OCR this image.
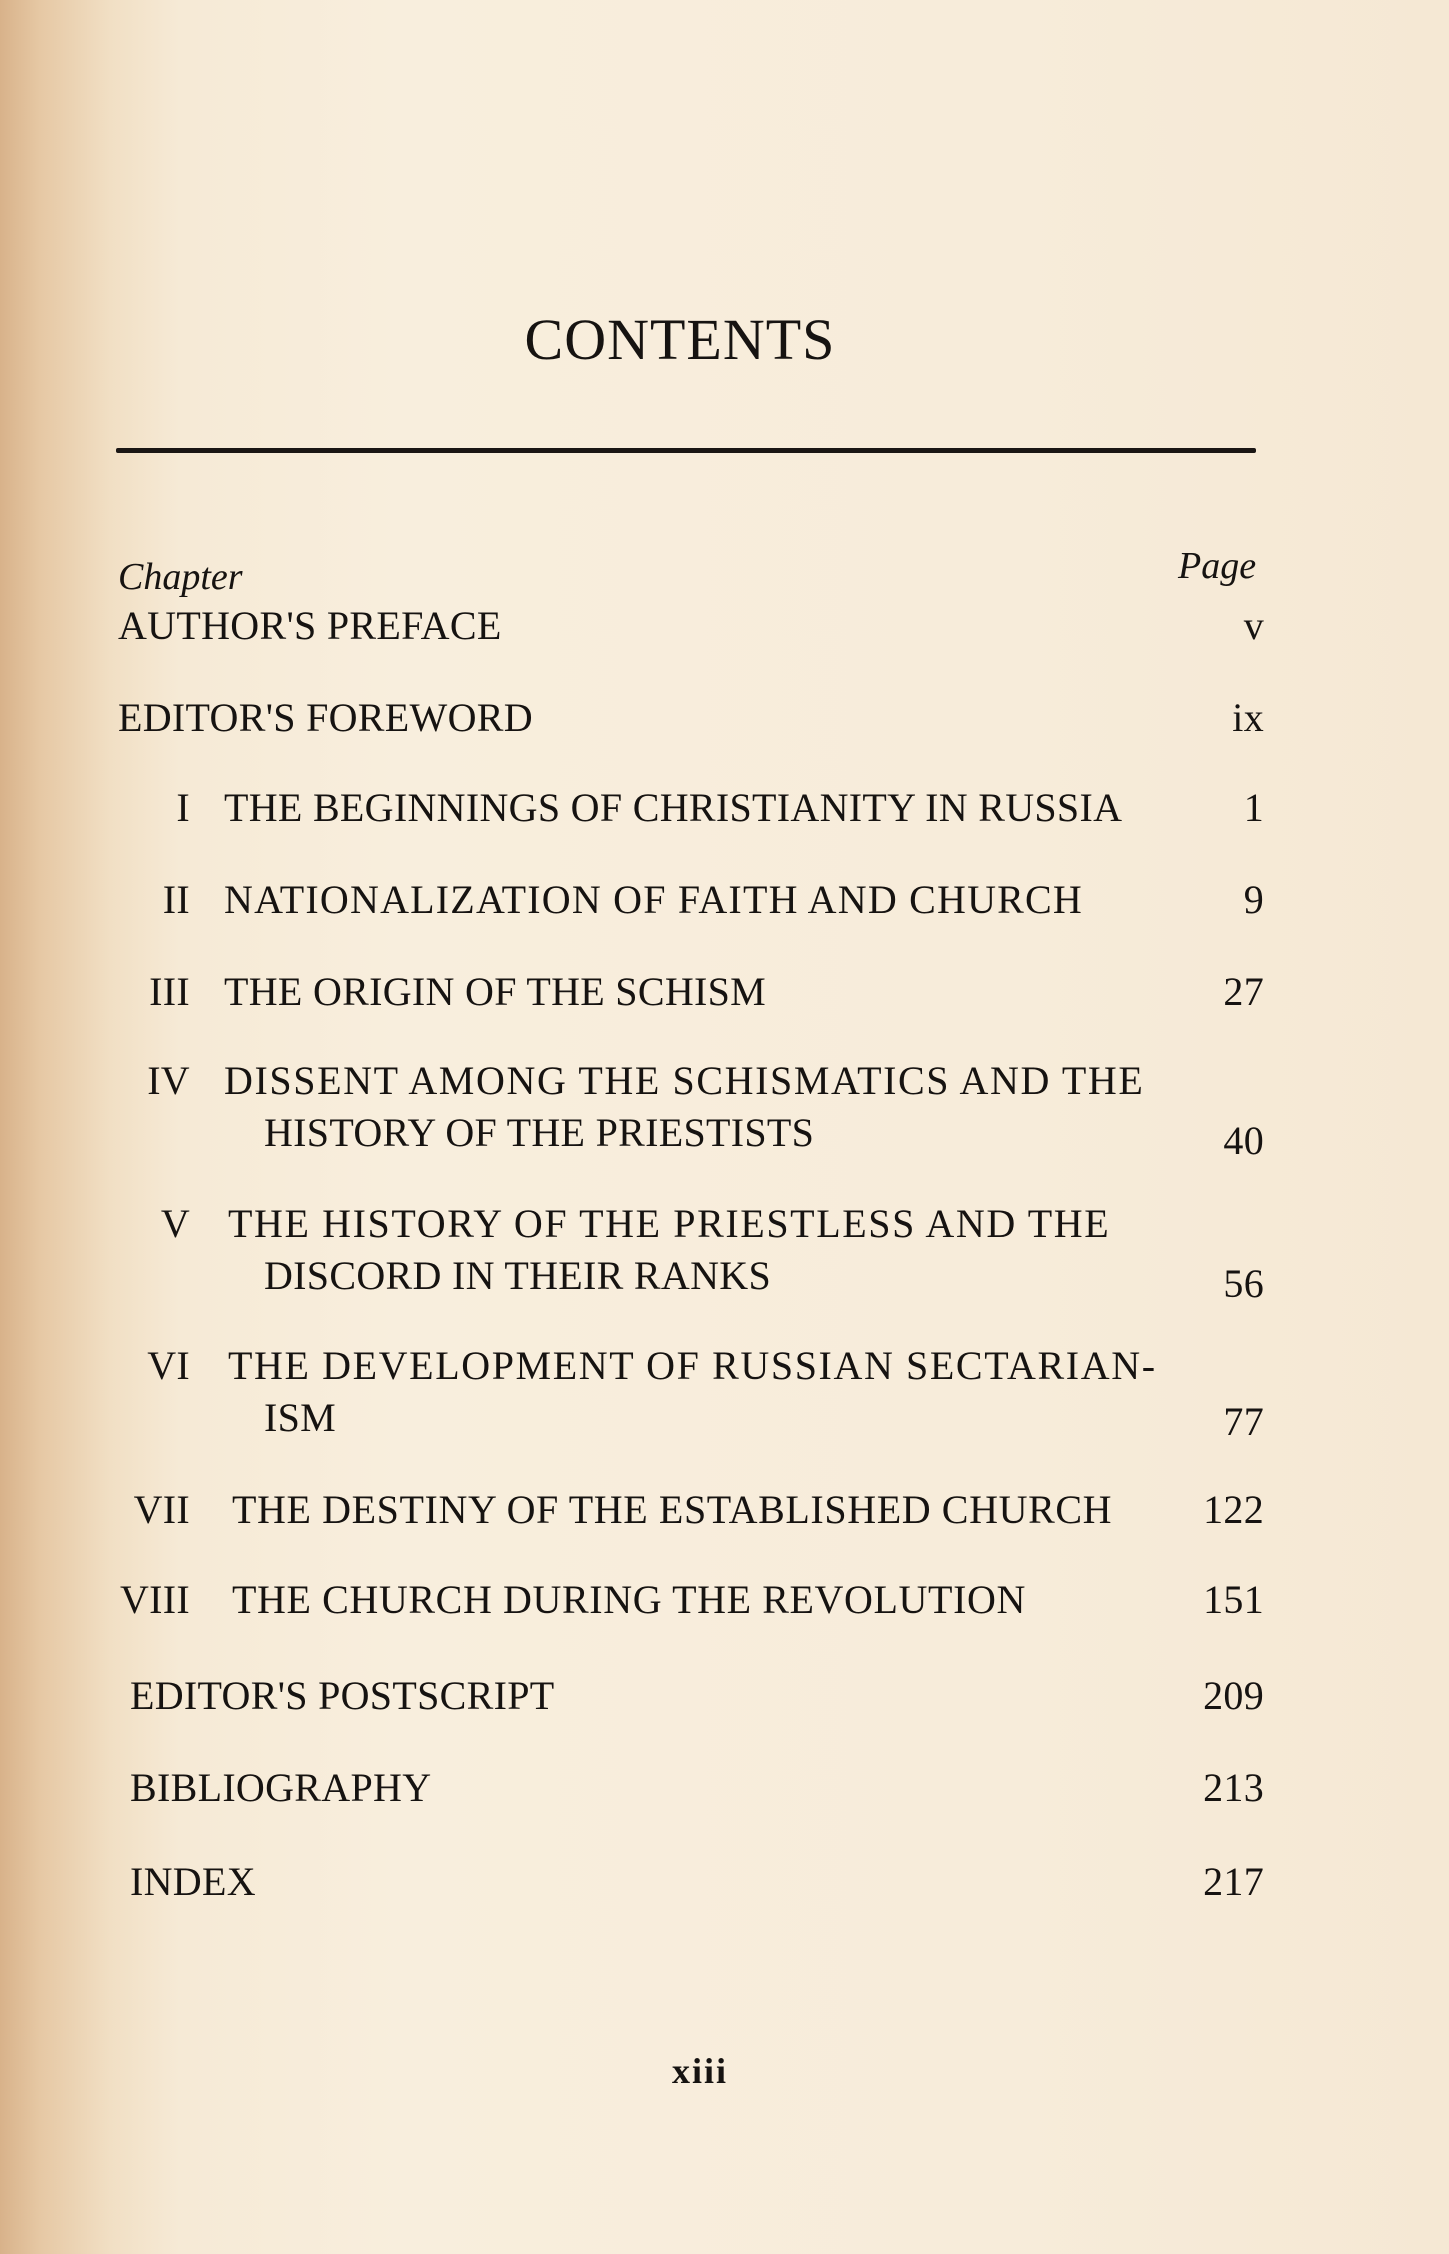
CONTENTS
Chapter	Page
AUTHOR'S PREFACE	v
EDITOR'S FOREWORD	ix
I THE BEGINNINGS OF CHRISTIANITY IN RUSSIA	1
II NATIONALIZATION OF FAITH AND CHURCH	9
III THE ORIGIN OF THE SCHISM	27
IV DISSENT AMONG THE SCHISMATICS AND THE
HISTORY OF THE PRIESTISTS	40
V THE HISTORY OF THE PRIESTLESS AND THE
DISCORD IN THEIR RANKS	56
VI THE DEVELOPMENT OF RUSSIAN SECTARIAN-
ISM	77
VII THE DESTINY OF THE ESTABLISHED CHURCH 122
VIII THE CHURCH DURING THE REVOLUTION	151
EDITOR'S POSTSCRIPT	209
BIBLIOGRAPHY	213
INDEX	217
xiii
